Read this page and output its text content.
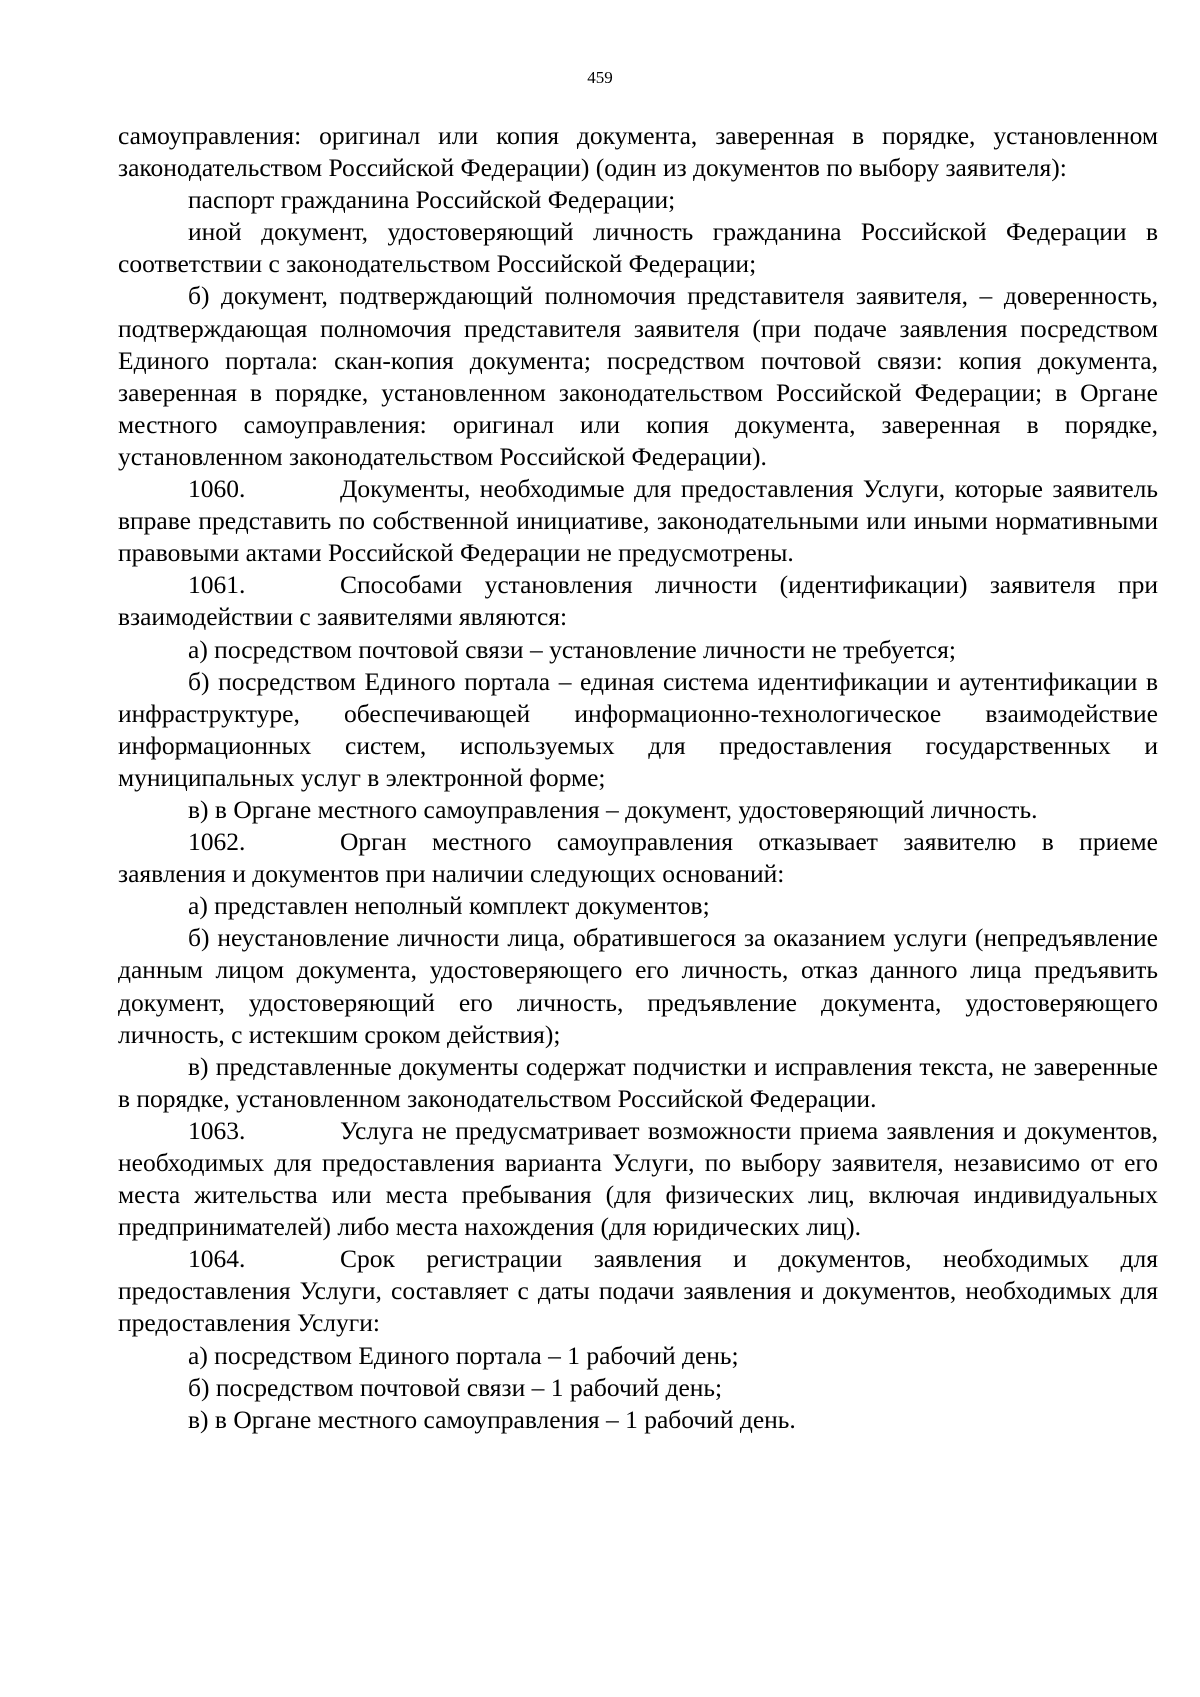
459

самоуправления: оригинал или копия документа, заверенная в порядке, установленном законодательством Российской Федерации) (один из документов по выбору заявителя):

паспорт гражданина Российской Федерации;

иной документ, удостоверяющий личность гражданина Российской Федерации в соответствии с законодательством Российской Федерации;

б) документ, подтверждающий полномочия представителя заявителя, – доверенность, подтверждающая полномочия представителя заявителя (при подаче заявления посредством Единого портала: скан-копия документа; посредством почтовой связи: копия документа, заверенная в порядке, установленном законодательством Российской Федерации; в Органе местного самоуправления: оригинал или копия документа, заверенная в порядке, установленном законодательством Российской Федерации).

1060.	Документы, необходимые для предоставления Услуги, которые заявитель вправе представить по собственной инициативе, законодательными или иными нормативными правовыми актами Российской Федерации не предусмотрены.

1061.	Способами установления личности (идентификации) заявителя при взаимодействии с заявителями являются:

а) посредством почтовой связи – установление личности не требуется;

б) посредством Единого портала – единая система идентификации и аутентификации в инфраструктуре, обеспечивающей информационно-технологическое взаимодействие информационных систем, используемых для предоставления государственных и муниципальных услуг в электронной форме;

в) в Органе местного самоуправления – документ, удостоверяющий личность.

1062.	Орган местного самоуправления отказывает заявителю в приеме заявления и документов при наличии следующих оснований:

а) представлен неполный комплект документов;

б) неустановление личности лица, обратившегося за оказанием услуги (непредъявление данным лицом документа, удостоверяющего его личность, отказ данного лица предъявить документ, удостоверяющий его личность, предъявление документа, удостоверяющего личность, с истекшим сроком действия);

в) представленные документы содержат подчистки и исправления текста, не заверенные в порядке, установленном законодательством Российской Федерации.

1063.	Услуга не предусматривает возможности приема заявления и документов, необходимых для предоставления варианта Услуги, по выбору заявителя, независимо от его места жительства или места пребывания (для физических лиц, включая индивидуальных предпринимателей) либо места нахождения (для юридических лиц).

1064.	Срок регистрации заявления и документов, необходимых для предоставления Услуги, составляет с даты подачи заявления и документов, необходимых для предоставления Услуги:

а) посредством Единого портала – 1 рабочий день;

б) посредством почтовой связи – 1 рабочий день;

в) в Органе местного самоуправления – 1 рабочий день.
